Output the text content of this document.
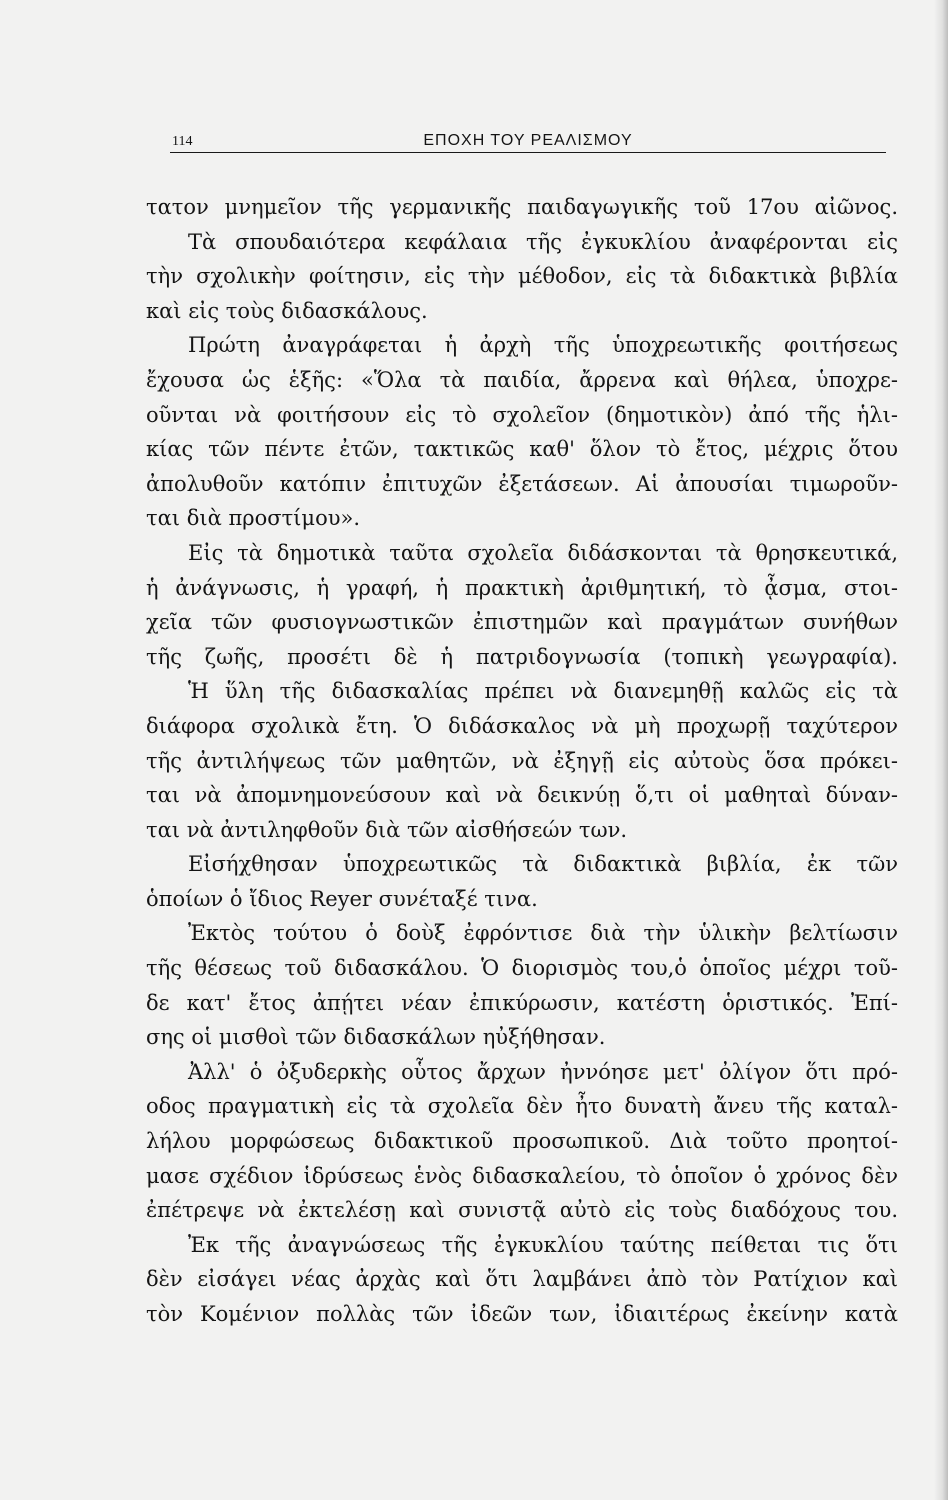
114	ΕΠΟΧΗ ΤΟΥ ΡΕΑΛΙΣΜΟΥ
τατον μνημεῖον τῆς γερμανικῆς παιδαγωγικῆς τοῦ 17ου αἰῶνος.
Τὰ σπουδαιότερα κεφάλαια τῆς ἐγκυκλίου ἀναφέρονται εἰς
τὴν σχολικὴν φοίτησιν, εἰς τὴν μέθοδον, εἰς τὰ διδακτικὰ βιβλία
καὶ εἰς τοὺς διδασκάλους.
Πρώτη ἀναγράφεται ἡ ἀρχὴ τῆς ὑποχρεωτικῆς φοιτήσεως
ἔχουσα ὡς ἑξῆς: «Ὅλα τὰ παιδία, ἄρρενα καὶ θήλεα, ὑποχρε-
οῦνται νὰ φοιτήσουν εἰς τὸ σχολεῖον (δημοτικὸν) ἀπό τῆς ἡλι-
κίας τῶν πέντε ἐτῶν, τακτικῶς καθ' ὅλον τὸ ἔτος, μέχρις ὅτου
ἀπολυθοῦν κατόπιν ἐπιτυχῶν ἐξετάσεων. Αἱ ἀπουσίαι τιμωροῦν-
ται διὰ προστίμου».
Εἰς τὰ δημοτικὰ ταῦτα σχολεῖα διδάσκονται τὰ θρησκευτικά,
ἡ ἀνάγνωσις, ἡ γραφή, ἡ πρακτικὴ ἀριθμητική, τὸ ᾆσμα, στοι-
χεῖα τῶν φυσιογνωστικῶν ἐπιστημῶν καὶ πραγμάτων συνήθων
τῆς ζωῆς, προσέτι δὲ ἡ πατριδογνωσία (τοπικὴ γεωγραφία).
Ἡ ὕλη τῆς διδασκαλίας πρέπει νὰ διανεμηθῇ καλῶς εἰς τὰ
διάφορα σχολικὰ ἔτη. Ὁ διδάσκαλος νὰ μὴ προχωρῇ ταχύτερον
τῆς ἀντιλήψεως τῶν μαθητῶν, νὰ ἐξηγῇ εἰς αὐτοὺς ὅσα πρόκει-
ται νὰ ἀπομνημονεύσουν καὶ νὰ δεικνύῃ ὅ,τι οἱ μαθηταὶ δύναν-
ται νὰ ἀντιληφθοῦν διὰ τῶν αἰσθήσεών των.
Εἰσήχθησαν ὑποχρεωτικῶς τὰ διδακτικὰ βιβλία, ἐκ τῶν
ὁποίων ὁ ἴδιος Reyer συνέταξέ τινα.
Ἐκτὸς τούτου ὁ δοὺξ ἐφρόντισε διὰ τὴν ὑλικὴν βελτίωσιν
τῆς θέσεως τοῦ διδασκάλου. Ὁ διορισμὸς του,ὁ ὁποῖος μέχρι τοῦ-
δε κατ' ἔτος ἀπῄτει νέαν ἐπικύρωσιν, κατέστη ὁριστικός. Ἐπί-
σης οἱ μισθοὶ τῶν διδασκάλων ηὐξήθησαν.
Ἀλλ' ὁ ὀξυδερκὴς οὗτος ἄρχων ἠννόησε μετ' ὀλίγον ὅτι πρό-
οδος πραγματικὴ εἰς τὰ σχολεῖα δὲν ἦτο δυνατὴ ἄνευ τῆς καταλ-
λήλου μορφώσεως διδακτικοῦ προσωπικοῦ. Διὰ τοῦτο προητοί-
μασε σχέδιον ἱδρύσεως ἑνὸς διδασκαλείου, τὸ ὁποῖον ὁ χρόνος δὲν
ἐπέτρεψε νὰ ἐκτελέσῃ καὶ συνιστᾷ αὐτὸ εἰς τοὺς διαδόχους του.
Ἐκ τῆς ἀναγνώσεως τῆς ἐγκυκλίου ταύτης πείθεται τις ὅτι
δὲν εἰσάγει νέας ἀρχὰς καὶ ὅτι λαμβάνει ἀπὸ τὸν Ρατίχιον καὶ
τὸν Κομένιον πολλὰς τῶν ἰδεῶν των, ἰδιαιτέρως ἐκείνην κατὰ
